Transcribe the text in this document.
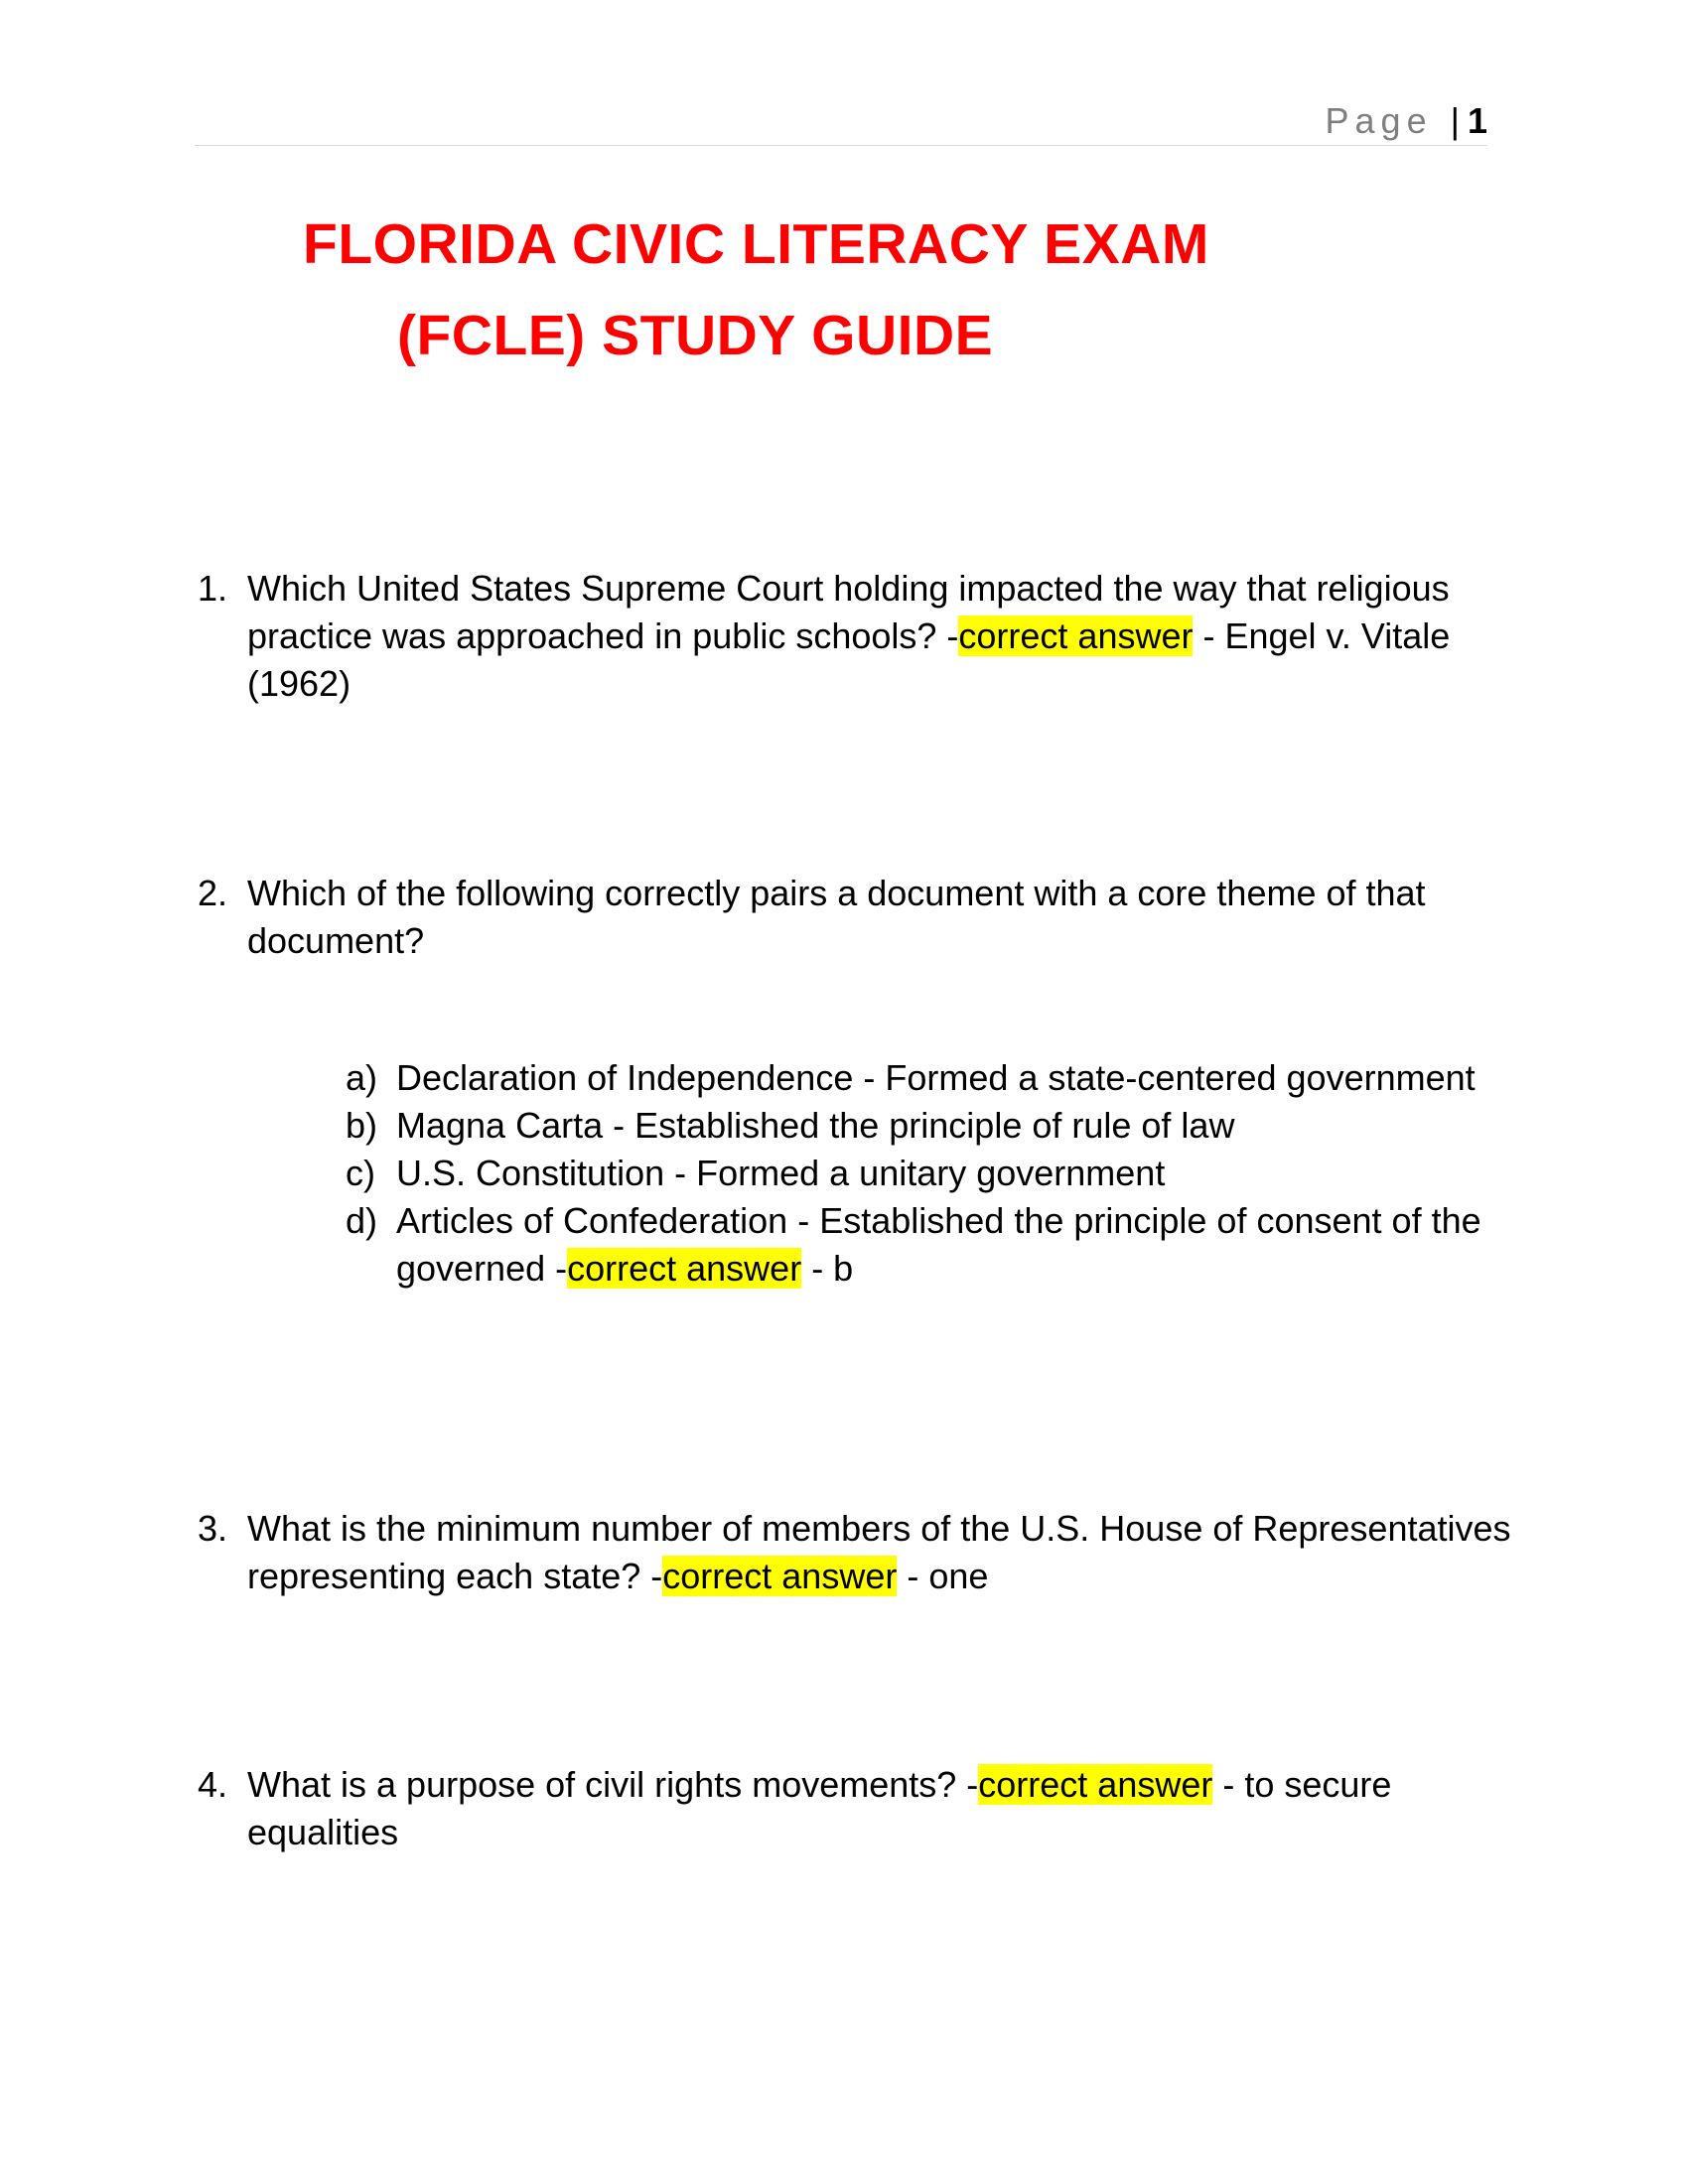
Page | 1
FLORIDA CIVIC LITERACY EXAM
(FCLE) STUDY GUIDE
1. Which United States Supreme Court holding impacted the way that religious practice was approached in public schools? -correct answer - Engel v. Vitale (1962)
2. Which of the following correctly pairs a document with a core theme of that document?
a) Declaration of Independence - Formed a state-centered government
b) Magna Carta - Established the principle of rule of law
c) U.S. Constitution - Formed a unitary government
d) Articles of Confederation - Established the principle of consent of the governed -correct answer - b
3. What is the minimum number of members of the U.S. House of Representatives representing each state? -correct answer - one
4. What is a purpose of civil rights movements? -correct answer - to secure equalities
